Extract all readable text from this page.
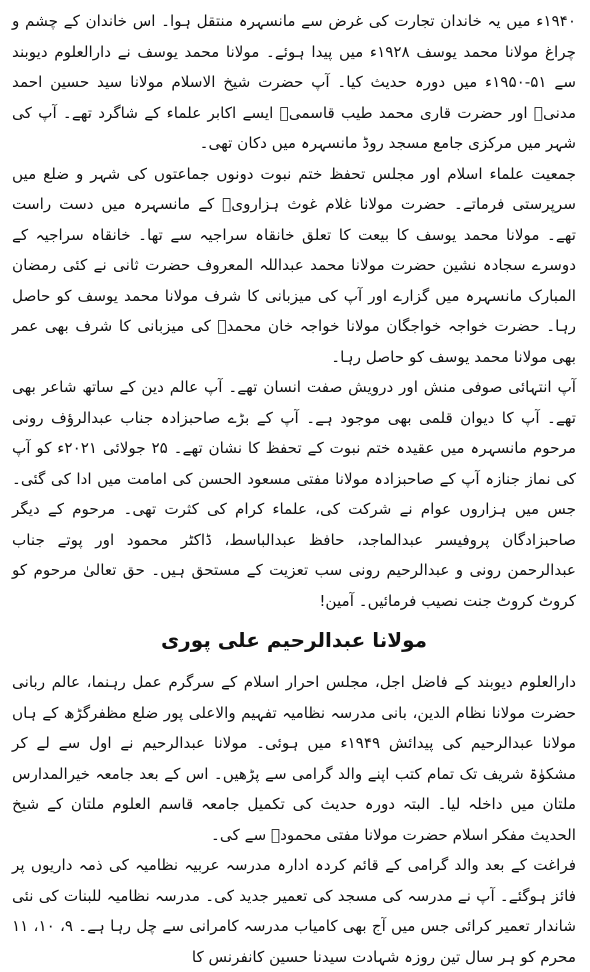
۱۹۴۰ء میں یہ خاندان تجارت کی غرض سے مانسہرہ منتقل ہوا۔ اس خاندان کے چشم و چراغ مولانا محمد یوسف ۱۹۲۸ء میں پیدا ہوئے۔ مولانا محمد یوسف نے دارالعلوم دیوبند سے ۵۱-۱۹۵۰ء میں دورہ حدیث کیا۔ آپ حضرت شیخ الاسلام مولانا سید حسین احمد مدنیؒ اور حضرت قاری محمد طیب قاسمیؒ ایسے اکابر علماء کے شاگرد تھے۔ آپ کی شہر میں مرکزی جامع مسجد روڈ مانسہرہ میں دکان تھی۔

جمعیت علماء اسلام اور مجلس تحفظ ختم نبوت دونوں جماعتوں کی شہر و ضلع میں سرپرستی فرماتے۔ حضرت مولانا غلام غوث ہزارویؒ کے مانسہرہ میں دست راست تھے۔ مولانا محمد یوسف کا بیعت کا تعلق خانقاہ سراجیہ سے تھا۔ خانقاہ سراجیہ کے دوسرے سجادہ نشین حضرت مولانا محمد عبداللہ المعروف حضرت ثانی نے کئی رمضان المبارک مانسہرہ میں گزارے اور آپ کی میزبانی کا شرف مولانا محمد یوسف کو حاصل رہا۔ حضرت خواجہ خواجگان مولانا خواجہ خان محمدؒ کی میزبانی کا شرف بھی عمر بھی مولانا محمد یوسف کو حاصل رہا۔

آپ انتہائی صوفی منش اور درویش صفت انسان تھے۔ آپ عالم دین کے ساتھ شاعر بھی تھے۔ آپ کا دیوان قلمی بھی موجود ہے۔ آپ کے بڑے صاحبزادہ جناب عبدالرؤف رونی مرحوم مانسہرہ میں عقیدہ ختم نبوت کے تحفظ کا نشان تھے۔ ۲۵ جولائی ۲۰۲۱ء کو آپ کی نماز جنازہ آپ کے صاحبزادہ مولانا مفتی مسعود الحسن کی امامت میں ادا کی گئی۔ جس میں ہزاروں عوام نے شرکت کی، علماء کرام کی کثرت تھی۔ مرحوم کے دیگر صاحبزادگان پروفیسر عبدالماجد، حافظ عبدالباسط، ڈاکٹر محمود اور پوتے جناب عبدالرحمن رونی و عبدالرحیم رونی سب تعزیت کے مستحق ہیں۔ حق تعالیٰ مرحوم کو کروٹ کروٹ جنت نصیب فرمائیں۔ آمین!

مولانا عبدالرحیم علی پوری

دارالعلوم دیوبند کے فاضل اجل، مجلس احرار اسلام کے سرگرم عمل رہنما، عالم ربانی حضرت مولانا نظام الدین، بانی مدرسہ نظامیہ تفہیم والاعلی پور ضلع مظفرگڑھ کے ہاں مولانا عبدالرحیم کی پیدائش ۱۹۴۹ء میں ہوئی۔ مولانا عبدالرحیم نے اول سے لے کر مشکوٰۃ شریف تک تمام کتب اپنے والد گرامی سے پڑھیں۔ اس کے بعد جامعہ خیرالمدارس ملتان میں داخلہ لیا۔ البتہ دورہ حدیث کی تکمیل جامعہ قاسم العلوم ملتان کے شیخ الحدیث مفکر اسلام حضرت مولانا مفتی محمودؒ سے کی۔

فراغت کے بعد والد گرامی کے قائم کردہ ادارہ مدرسہ عربیہ نظامیہ کی ذمہ داریوں پر فائز ہوگئے۔ آپ نے مدرسہ کی مسجد کی تعمیر جدید کی۔ مدرسہ نظامیہ للبنات کی نئی شاندار تعمیر کرائی جس میں آج بھی کامیاب مدرسہ کامرانی سے چل رہا ہے۔ ۹، ۱۰، ۱۱ محرم کو ہر سال تین روزہ شہادت سیدنا حسین کانفرنس کا
